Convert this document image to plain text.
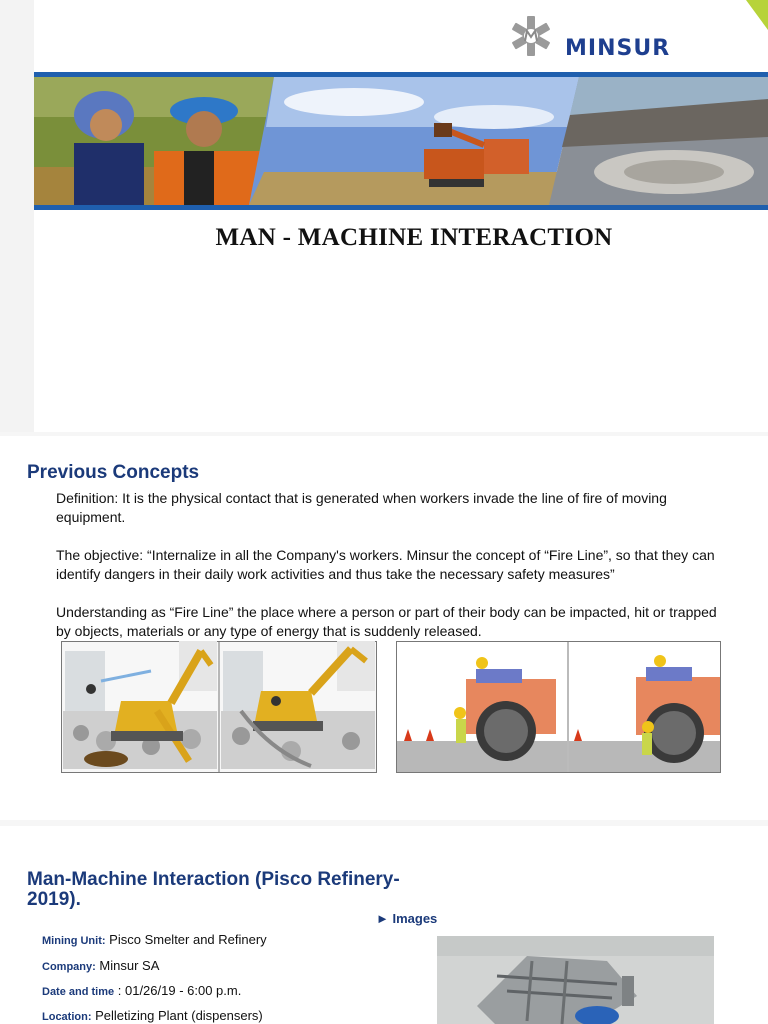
MINSUR
MAN - MACHINE INTERACTION
Previous Concepts
Definition: It is the physical contact that is generated when workers invade the line of fire of moving equipment.
The objective: “Internalize in all the Company's workers. Minsur the concept of “Fire Line”, so that they can identify dangers in their daily work activities and thus take the necessary safety measures”
Understanding as “Fire Line” the place where a person or part of their body can be impacted, hit or trapped by objects, materials or any type of energy that is suddenly released.
Man-Machine Interaction (Pisco Refinery-2019).
► Images
Mining Unit: Pisco Smelter and Refinery
Company: Minsur SA
Date and time : 01/26/19 - 6:00 p.m.
Location: Pelletizing Plant (dispensers)
